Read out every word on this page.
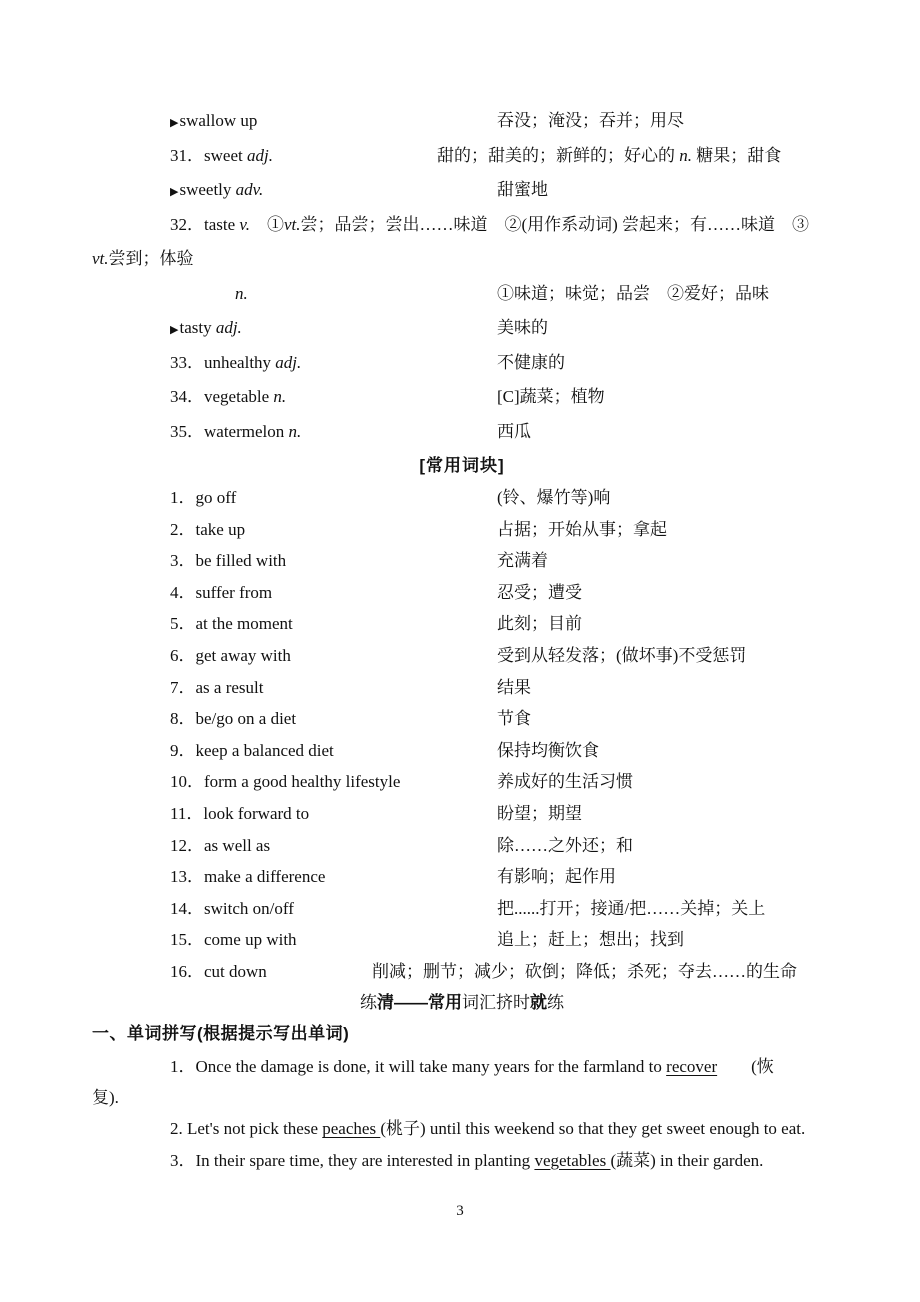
▶swallow up	吞没；淹没；吞并；用尽
31．sweet adj.	甜的；甜美的；新鲜的；好心的 n. 糖果；甜食
▶sweetly adv.	甜蜜地
32．taste v.　①vt.尝；品尝；尝出……味道　②(用作系动词) 尝起来；有……味道　③
vt.尝到；体验
n.	①味道；味觉；品尝　②爱好；品味
▶tasty adj.	美味的
33．unhealthy adj.	不健康的
34．vegetable n.	[C]蔬菜；植物
35．watermelon n.	西瓜
[常用词块]
1．go off	(铃、爆竹等)响
2．take up	占据；开始从事；拿起
3．be filled with	充满着
4．suffer from	忍受；遭受
5．at the moment	此刻；目前
6．get away with	受到从轻发落；(做坏事)不受惩罚
7．as a result	结果
8．be/go on a diet	节食
9．keep a balanced diet	保持均衡饮食
10．form a good healthy lifestyle	养成好的生活习惯
11．look forward to	盼望；期望
12．as well as	除……之外还；和
13．make a difference	有影响；起作用
14．switch on/off	把......打开；接通/把……关掉；关上
15．come up with	追上；赶上；想出；找到
16．cut down	削减；删节；减少；砍倒；降低；杀死；夺去……的生命
练清——常用词汇挤时就练
一、单词拼写(根据提示写出单词)
1．Once the damage is done, it will take many years for the farmland to recover　　(恢
复).
2. Let's not pick these peaches (桃子) until this weekend so that they get sweet enough to eat.
3．In their spare time, they are interested in planting vegetables (蔬菜) in their garden.
3
